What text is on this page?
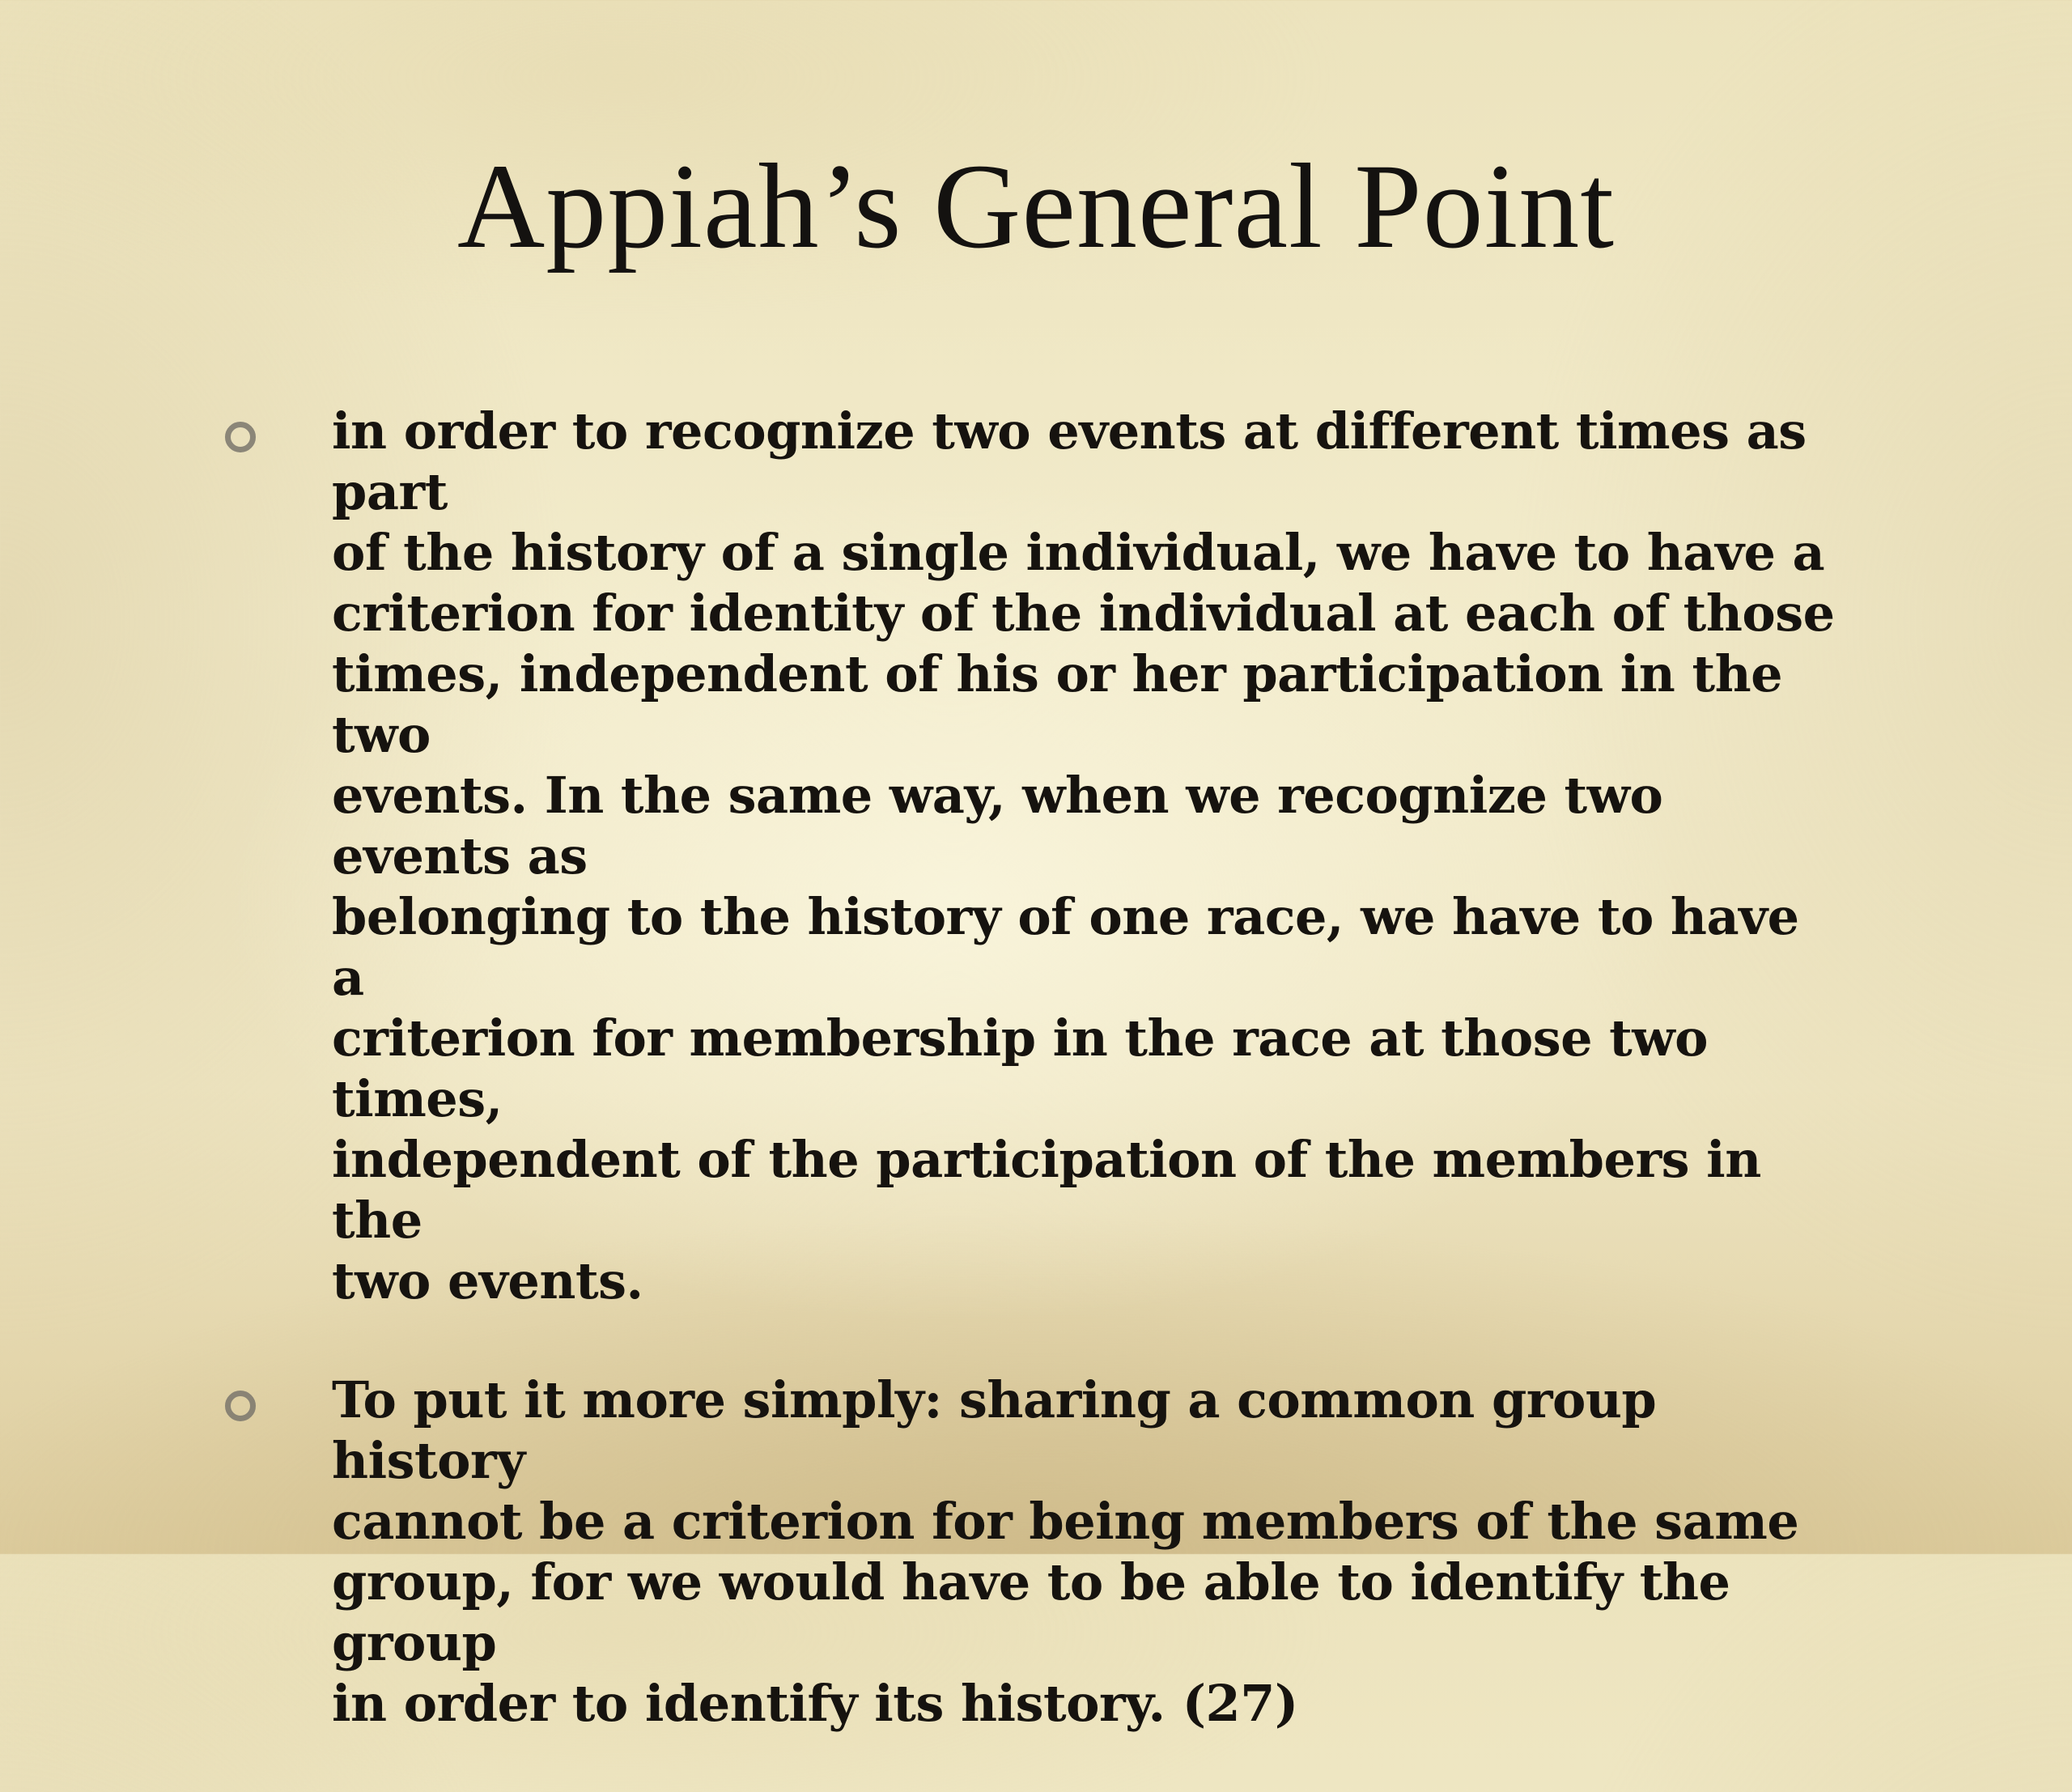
Appiah’s General Point
in order to recognize two events at different times as part
of the history of a single individual, we have to have a
criterion for identity of the individual at each of those
times, independent of his or her participation in the two
events. In the same way, when we recognize two events as
belonging to the history of one race, we have to have a
criterion for membership in the race at those two times,
independent of the participation of the members in the
two events.
To put it more simply: sharing a common group history
cannot be a criterion for being members of the same
group, for we would have to be able to identify the group
in order to identify its history. (27)
